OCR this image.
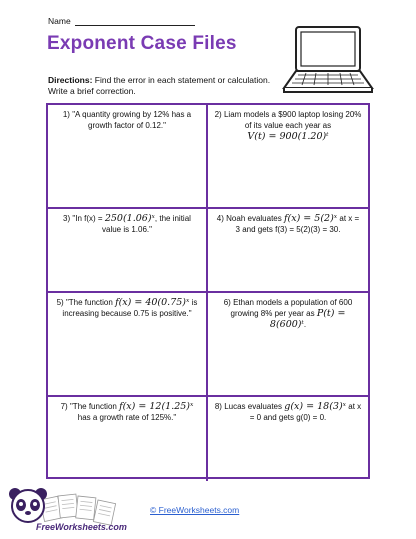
Name
Exponent Case Files
Directions: Find the error in each statement or calculation. Write a brief correction.
1) "A quantity growing by 12% has a growth factor of 0.12."
2) Liam models a $900 laptop losing 20% of its value each year as
V(t) = 900(1.20)ᵗ
3) "In f(x) = 250(1.06)ˣ, the initial value is 1.06."
4) Noah evaluates f(x) = 5(2)ˣ at x = 3 and gets f(3) = 5(2)(3) = 30.
5) "The function f(x) = 40(0.75)ˣ is increasing because 0.75 is positive."
6) Ethan models a population of 600 growing 8% per year as P(t) = 8(600)ᵗ.
7) "The function f(x) = 12(1.25)ˣ has a growth rate of 125%."
8) Lucas evaluates g(x) = 18(3)ˣ at x = 0 and gets g(0) = 0.
FreeWorksheets.com
© FreeWorksheets.com
